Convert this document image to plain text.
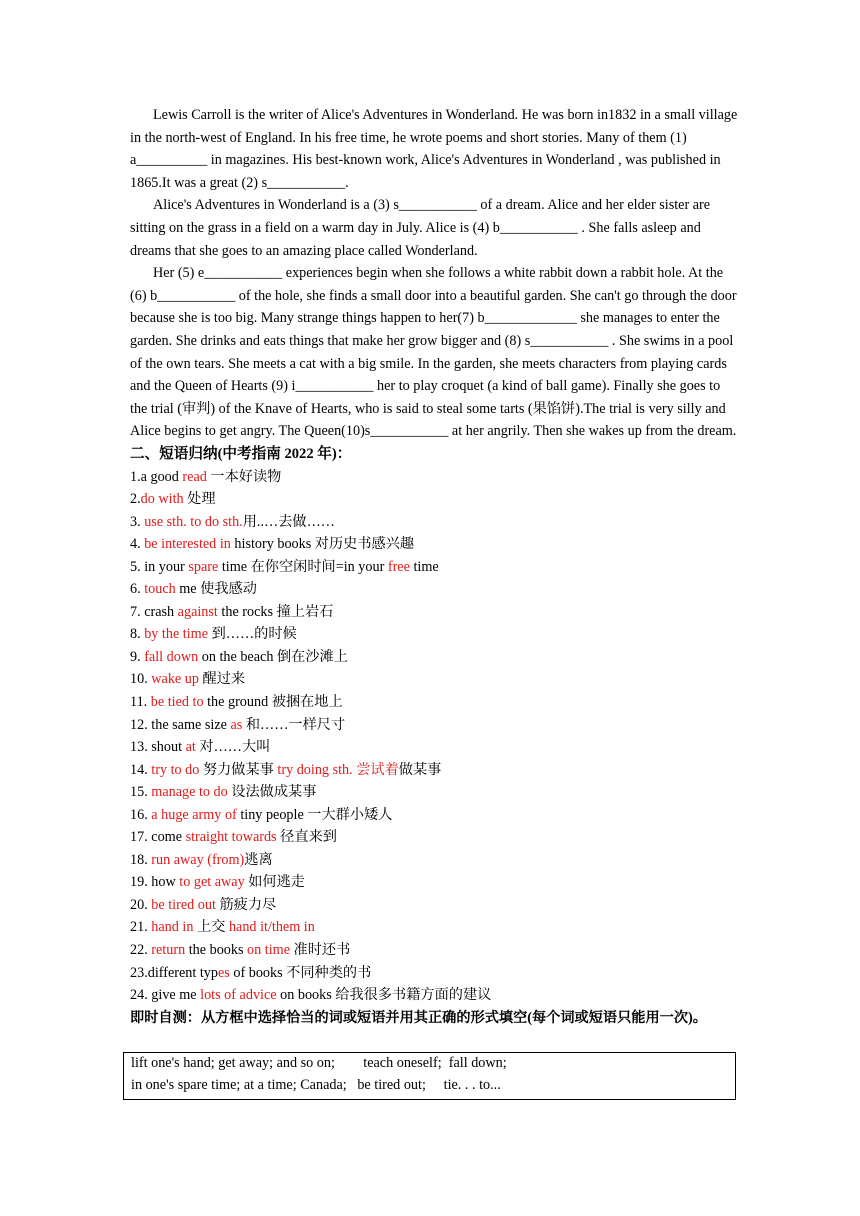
Lewis Carroll is the writer of Alice's Adventures in Wonderland. He was born in1832 in a small village in the north-west of England. In his free time, he wrote poems and short stories. Many of them (1) a__________ in magazines. His best-known work, Alice's Adventures in Wonderland , was published in 1865.It was a great (2) s___________.

Alice's Adventures in Wonderland is a (3) s___________ of a dream. Alice and her elder sister are sitting on the grass in a field on a warm day in July. Alice is (4) b___________ . She falls asleep and dreams that she goes to an amazing place called Wonderland.

Her (5) e___________ experiences begin when she follows a white rabbit down a rabbit hole. At the (6) b___________ of the hole, she finds a small door into a beautiful garden. She can't go through the door because she is too big. Many strange things happen to her(7) b_____________ she manages to enter the garden. She drinks and eats things that make her grow bigger and (8) s___________ . She swims in a pool of the own tears. She meets a cat with a big smile. In the garden, she meets characters from playing cards and the Queen of Hearts (9) i___________ her to play croquet (a kind of ball game). Finally she goes to the trial (审判) of the Knave of Hearts, who is said to steal some tarts (果馅饼).The trial is very silly and Alice begins to get angry. The Queen(10)s___________ at her angrily. Then she wakes up from the dream.

二、短语归纳(中考指南 2022 年)：

1.a good read 一本好读物

2.do with 处理

3. use sth. to do sth.用..…去做……

4. be interested in history books 对历史书感兴趣

5. in your spare time 在你空闲时间=in your free time

6. touch me 使我感动

7. crash against the rocks 撞上岩石

8. by the time 到……的时候

9. fall down on the beach 倒在沙滩上

10. wake up 醒过来

11. be tied to the ground 被捆在地上

12. the same size as 和……一样尺寸

13. shout at 对……大叫

14. try to do 努力做某事 try doing sth. 尝试着做某事

15. manage to do 设法做成某事

16. a huge army of tiny people 一大群小矮人

17. come straight towards 径直来到

18. run away (from)逃离

19. how to get away 如何逃走

20. be tired out 筋疲力尽

21. hand in 上交 hand it/them in

22. return the books on time 准时还书

23.different types of books 不同种类的书

24. give me lots of advice on books 给我很多书籍方面的建议

即时自测：从方框中选择恰当的词或短语并用其正确的形式填空(每个词或短语只能用一次)。

lift one's hand; get away; and so on;        teach oneself;  fall down;
in one's spare time; at a time; Canada;   be tired out;     tie. . . to...
